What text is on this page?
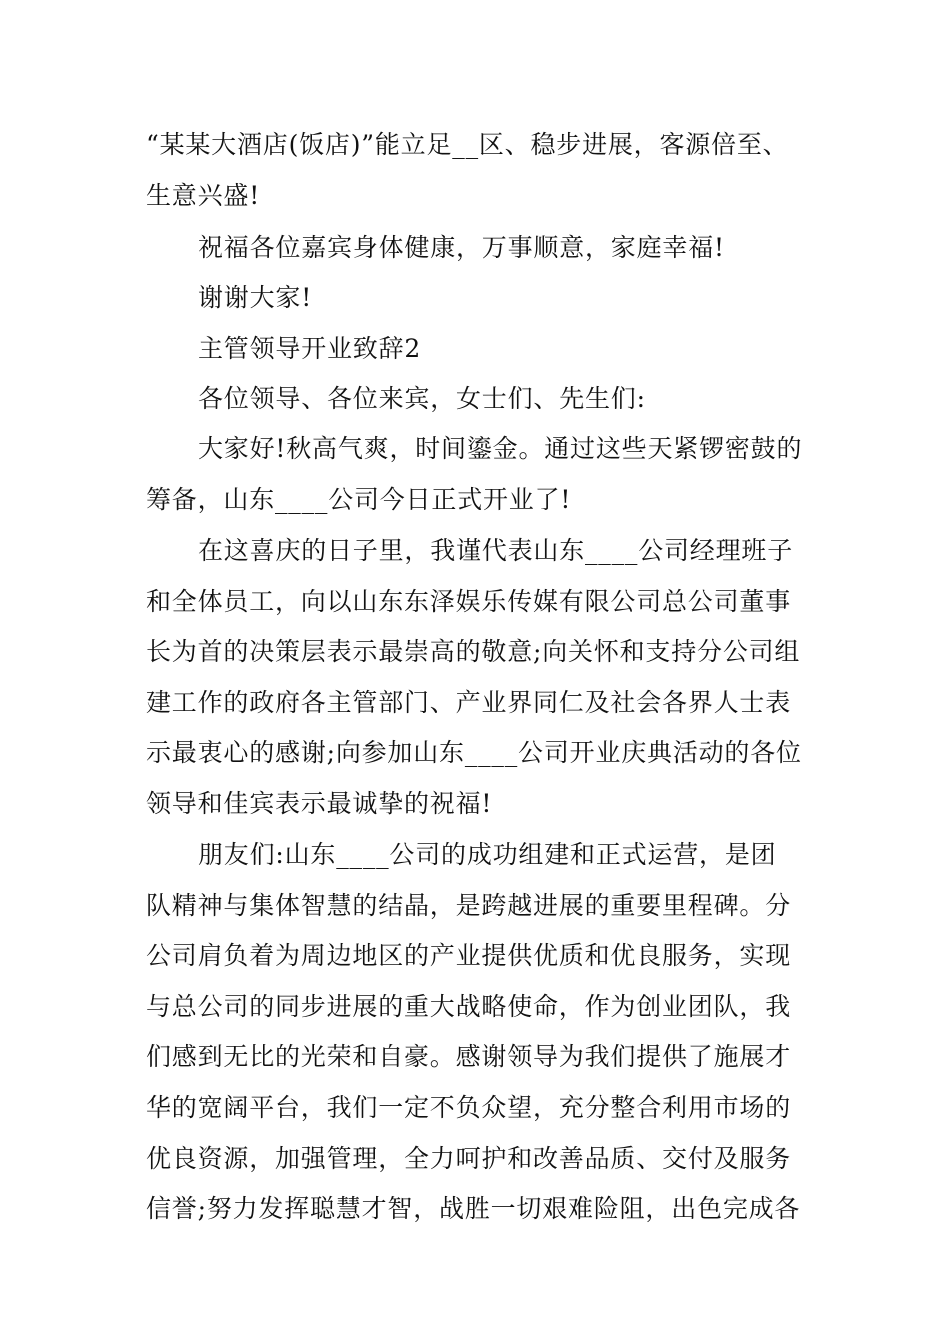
“某某大酒店(饭店)”能立足__区、稳步进展，客源倍至、
生意兴盛!

祝福各位嘉宾身体健康，万事顺意，家庭幸福!

谢谢大家!

主管领导开业致辞2

各位领导、各位来宾，女士们、先生们:

大家好!秋高气爽，时间鎏金。通过这些天紧锣密鼓的
筹备，山东____公司今日正式开业了!

在这喜庆的日子里，我谨代表山东____公司经理班子
和全体员工，向以山东东泽娱乐传媒有限公司总公司董事
长为首的决策层表示最崇高的敬意;向关怀和支持分公司组
建工作的政府各主管部门、产业界同仁及社会各界人士表
示最衷心的感谢;向参加山东____公司开业庆典活动的各位
领导和佳宾表示最诚挚的祝福!

朋友们:山东____公司的成功组建和正式运营，是团
队精神与集体智慧的结晶，是跨越进展的重要里程碑。分
公司肩负着为周边地区的产业提供优质和优良服务，实现
与总公司的同步进展的重大战略使命，作为创业团队，我
们感到无比的光荣和自豪。感谢领导为我们提供了施展才
华的宽阔平台，我们一定不负众望，充分整合利用市场的
优良资源，加强管理，全力呵护和改善品质、交付及服务
信誉;努力发挥聪慧才智，战胜一切艰难险阻，出色完成各
